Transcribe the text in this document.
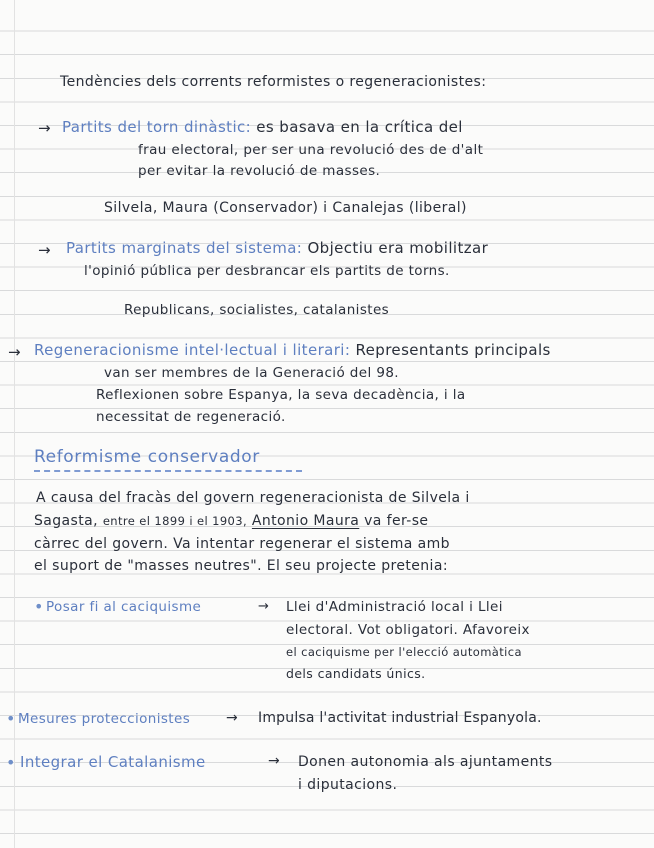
Tendències dels corrents reformistes o regeneracionistes:
→ Partits del torn dinàstic: es basava en la crítica del
frau electoral, per ser una revolució des de d'alt
per evitar la revolució de masses.
Silvela, Maura (Conservador) i Canalejas (liberal)
→ Partits marginats del sistema: Objectiu era mobilitzar
l'opinió pública per desbrancar els partits de torns.
Republicans, socialistes, catalanistes
→ Regeneracionisme intel·lectual i literari: Representants principals
van ser membres de la Generació del 98.
Reflexionen sobre Espanya, la seva decadència, i la
necessitat de regeneració.
Reformisme conservador
A causa del fracàs del govern regeneracionista de Silvela i
Sagasta, entre el 1899 i el 1903, Antonio Maura va fer-se
càrrec del govern. Va intentar regenerar el sistema amb
el suport de "masses neutres". El seu projecte pretenia:
• Posar fi al caciquisme	→ Llei d'Administració local i Llei
electoral. Vot obligatori. Afavoreix
el caciquisme per l'elecció automàtica
dels candidats únics.
• Mesures proteccionistes	→ Impulsa l'activitat industrial Espanyola.
• Integrar el Catalanisme	→ Donen autonomia als ajuntaments
i diputacions.
